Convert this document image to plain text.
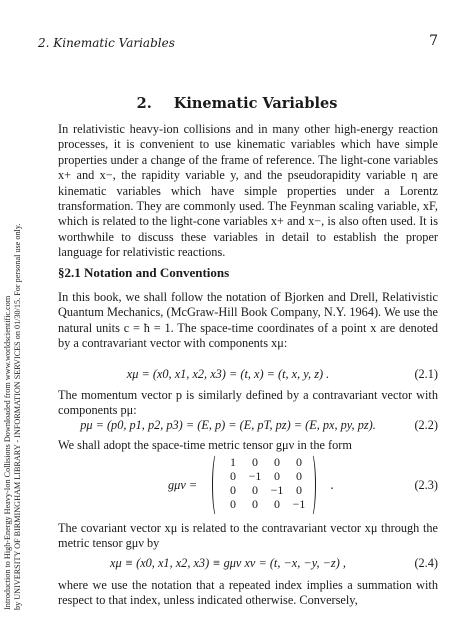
2. Kinematic Variables	7
Introduction to High-Energy Heavy-Ion Collisions Downloaded from www.worldscientific.com by UNIVERSITY OF BIRMINGHAM LIBRARY - INFORMATION SERVICES on 01/30/15. For personal use only.
2. Kinematic Variables
In relativistic heavy-ion collisions and in many other high-energy reaction processes, it is convenient to use kinematic variables which have simple properties under a change of the frame of reference. The light-cone variables x+ and x−, the rapidity variable y, and the pseudorapidity variable η are kinematic variables which have simple properties under a Lorentz transformation. They are commonly used. The Feynman scaling variable, xF, which is related to the light-cone variables x+ and x−, is also often used. It is worthwhile to discuss these variables in detail to establish the proper language for relativistic reactions.
§2.1 Notation and Conventions
In this book, we shall follow the notation of Bjorken and Drell, Relativistic Quantum Mechanics, (McGraw-Hill Book Company, N.Y. 1964). We use the natural units c = ħ = 1. The space-time coordinates of a point x are denoted by a contravariant vector with components xμ:
xμ = (x0, x1, x2, x3) = (t, x) = (t, x, y, z) .	(2.1)
The momentum vector p is similarly defined by a contravariant vector with components pμ:
pμ = (p0, p1, p2, p3) = (E, p) = (E, pT, pz) = (E, px, py, pz).	(2.2)
We shall adopt the space-time metric tensor gμν in the form
gμν =
1	0	0	0
0	−1	0	0
0	0	−1	0
0	0	0	−1
.	(2.3)
The covariant vector xμ is related to the contravariant vector xμ through the metric tensor gμν by
xμ ≡ (x0, x1, x2, x3) ≡ gμν xν = (t, −x, −y, −z) ,	(2.4)
where we use the notation that a repeated index implies a summation with respect to that index, unless indicated otherwise. Conversely,
